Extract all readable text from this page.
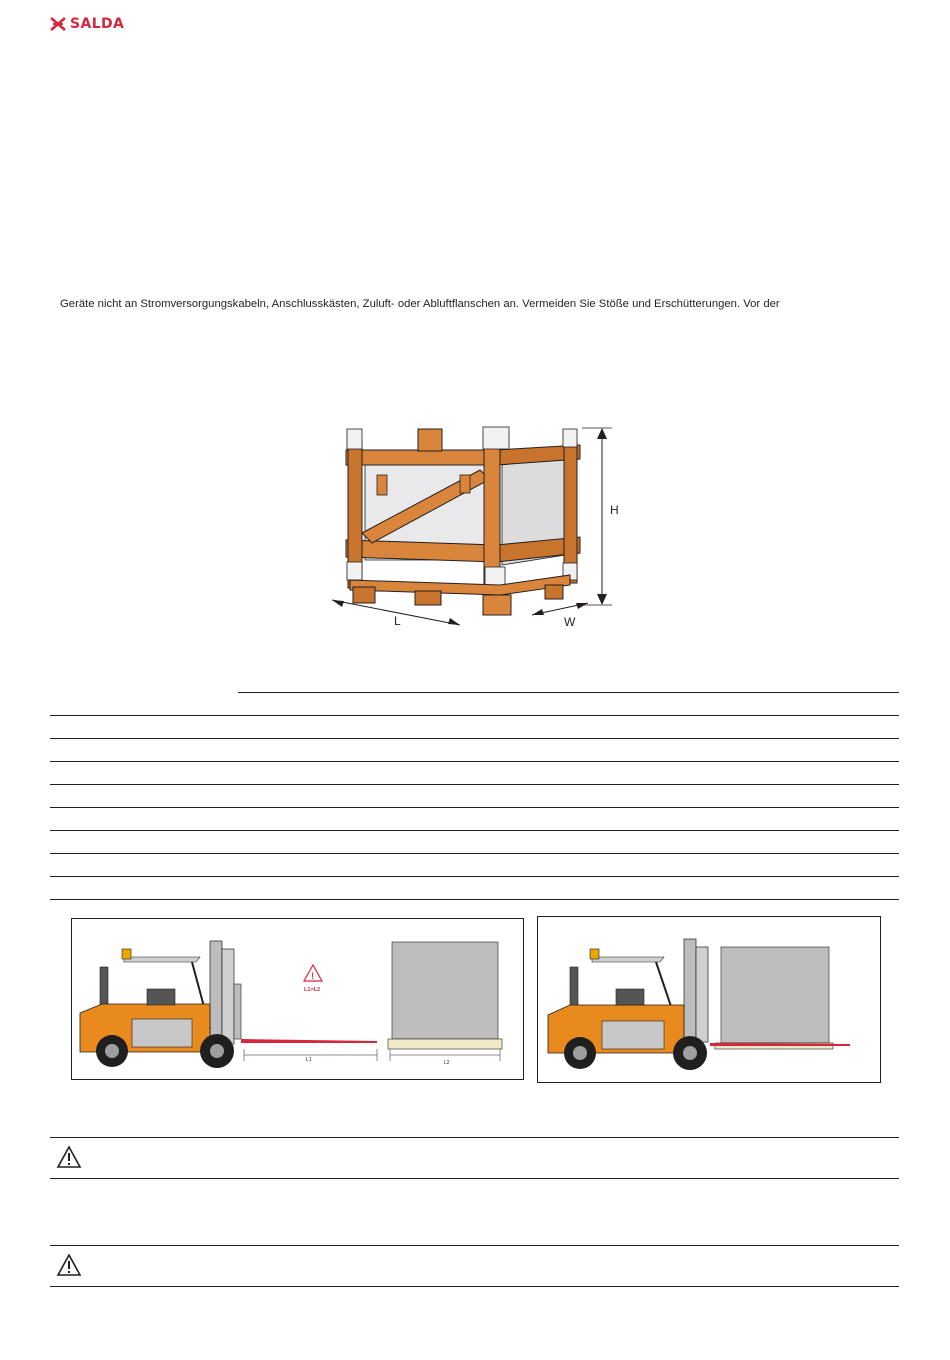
SALDA
Geräte nicht an Stromversorgungskabeln, Anschlusskästen, Zuluft- oder Abluftflanschen an. Vermeiden Sie Stöße und Erschütterungen. Vor der
H
L	W
!
L1>L2
L1	L2
